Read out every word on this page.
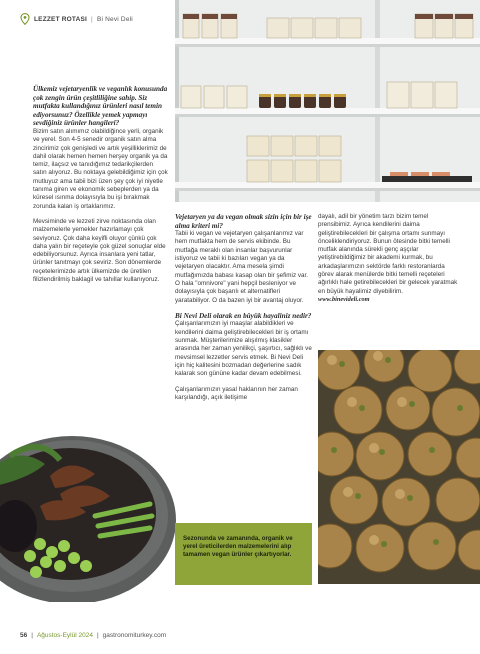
LEZZET ROTASI | Bi Nevi Deli

Ülkemiz vejetaryenlik ve veganlık konusunda çok zengin ürün çeşitliliğine sahip. Siz mutfakta kullandığınız ürünleri nasıl temin ediyorsunuz? Özellikle yemek yapmayı sevdiğiniz ürünler hangileri?

Bizim satın alımımız olabildiğince yerli, organik ve yerel. Son 4-5 senedir organik satın alma zincirimiz çok genişledi ve artık yeşilliklerimiz de dahil olarak hemen hemen herşey organik ya da temiz, ilaçsız ve tanıdığımız tedarikçilerden satın alıyoruz. Bu noktaya gelebildiğimiz için çok mutluyuz ama tabii bizi üzen şey çok iyi niyetle tanıma giren ve ekonomik sebeplerden ya da küresel ısınma dolayısıyla bu işi bırakmak zorunda kalan iş ortaklarımız.

Mevsiminde ve lezzeti zirve noktasında olan malzemelerle yemekler hazırlamayı çok seviyoruz. Çok daha keyifli oluyor çünkü çok daha yalın bir reçeteyle çok güzel sonuçlar elde edebiliyorsunuz. Ayrıca insanlara yeni tatlar, ürünler tanıtmayı çok seviriz. Son dönemlerde reçetelerimizde artık ülkemizde de üretilen filizlendirilmiş baklagil ve tahıllar kullanıyoruz.

Vejetaryen ya da vegan olmak sizin için bir işe alma kriteri mi?

Tabii ki vegan ve vejetaryen çalışanlarımız var hem mutfakta hem de servis ekibinde. Bu mutfağa meraklı olan insanlar başvurunlar istiyoruz ve tabii ki bazıları vegan ya da vejetaryen olacaktır. Ama mesela şimdi mutfağımızda babası kasap olan bir şefimiz var. O hala "omnivore" yani hepçil besleniyor ve dolayısıyla çok başarılı et alternatifleri yaratabiliyor. O da bazen iyi bir avantaj oluyor.

Bi Nevi Deli olarak en büyük hayaliniz nedir?

Çalışanlarımızın iyi maaşlar alabildikleri ve kendilerini daima geliştirebilecekleri bir iş ortamı sunmak. Müşterilerimize alışılmış klasikler arasında her zaman yenilikçi, şaşırtıcı, sağlıklı ve mevsimsel lezzetler servis etmek. Bi Nevi Deli için hiç kalitesini bozmadan değerlerine sadık kalarak son gününe kadar devam edebilmesi.

Çalışanlarımızın yasal haklarının her zaman karşılandığı, açık iletişime

dayalı, adil bir yönetim tarzı bizim temel prensibimiz. Ayrıca kendilerini daima geliştirebilecekleri bir çalışma ortamı sunmayı önceliklendiriyoruz. Bunun ötesinde bitki temelli mutfak alanında sürekli genç aşçılar yetiştirebildiğimiz bir akademi kurmak, bu arkadaşlarımızın sektörde farklı restoranlarda görev alarak menülerde bitki temelli reçeteleri ağırlıklı hale getirebilecekleri bir gelecek yaratmak en büyük hayalimiz diyebilirim.

www.binevideli.com
Sezonunda ve zamanında, organik ve yerel üreticilerden malzemelerini alıp tamamen vegan ürünler çıkartıyorlar.
56 | Ağustos-Eylül 2024 | gastronomiturkey.com
